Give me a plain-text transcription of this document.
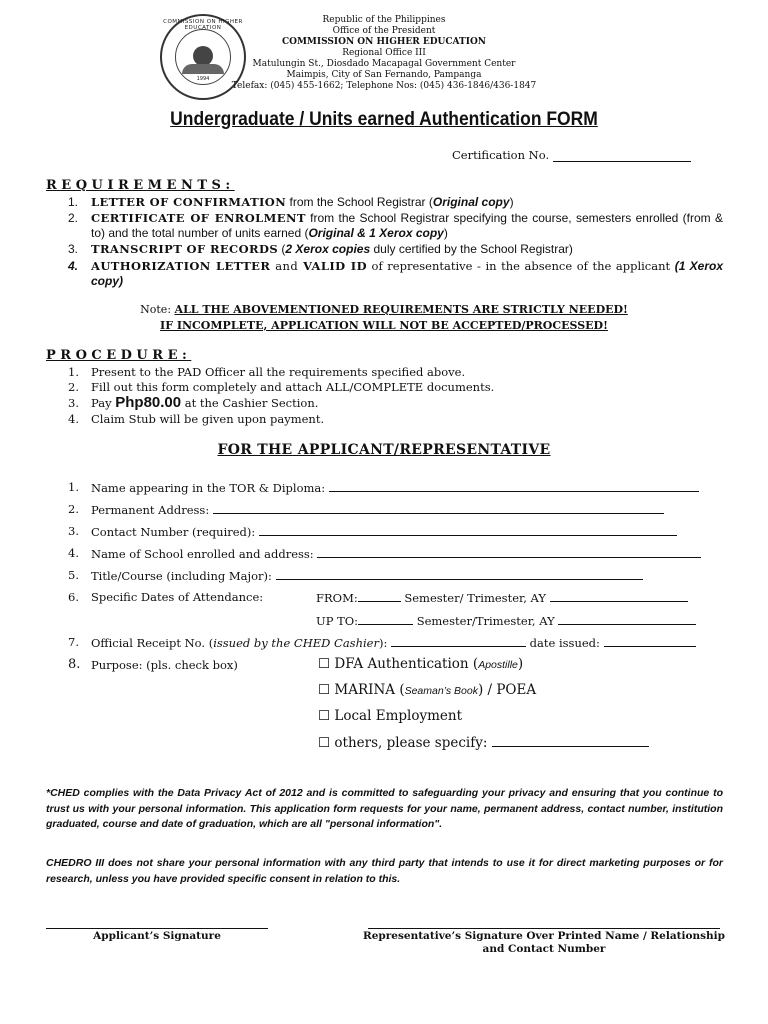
COMMISSION ON HIGHER EDUCATION
1994
Republic of the Philippines
Office of the President
COMMISSION ON HIGHER EDUCATION
Regional Office III
Matulungin St., Diosdado Macapagal Government Center
Maimpis, City of San Fernando, Pampanga
Telefax: (045) 455-1662; Telephone Nos: (045) 436-1846/436-1847
Undergraduate / Units earned Authentication FORM
Certification No.
REQUIREMENTS:
1.	LETTER OF CONFIRMATION from the School Registrar (Original copy)
2.	CERTIFICATE OF ENROLMENT from the School Registrar specifying the course, semesters enrolled (from & to) and the total number of units earned (Original & 1 Xerox copy)
3.	TRANSCRIPT OF RECORDS (2 Xerox copies duly certified by the School Registrar)
4.	AUTHORIZATION LETTER and VALID ID of representative - in the absence of the applicant (1 Xerox copy)
Note: ALL THE ABOVEMENTIONED REQUIREMENTS ARE STRICTLY NEEDED!
IF INCOMPLETE, APPLICATION WILL NOT BE ACCEPTED/PROCESSED!
PROCEDURE:
1. Present to the PAD Officer all the requirements specified above.
2. Fill out this form completely and attach ALL/COMPLETE documents.
3. Pay Php80.00 at the Cashier Section.
4. Claim Stub will be given upon payment.
FOR THE APPLICANT/REPRESENTATIVE
1. Name appearing in the TOR & Diploma:
2. Permanent Address:
3. Contact Number (required):
4. Name of School enrolled and address:
5. Title/Course (including Major):
6. Specific Dates of Attendance:	FROM:	Semester/ Trimester, AY
UP TO:	Semester/Trimester, AY
7. Official Receipt No. (issued by the CHED Cashier):	date issued:
8. Purpose: (pls. check box)	☐ DFA Authentication (Apostille)
☐ MARINA (Seaman’s Book) / POEA
☐ Local Employment
☐ others, please specify:
*CHED complies with the Data Privacy Act of 2012 and is committed to safeguarding your privacy and ensuring that you continue to trust us with your personal information. This application form requests for your name, permanent address, contact number, institution graduated, course and date of graduation, which are all "personal information".
CHEDRO III does not share your personal information with any third party that intends to use it for direct marketing purposes or for research, unless you have provided specific consent in relation to this.
Applicant’s Signature	Representative’s Signature Over Printed Name / Relationship
and Contact Number
